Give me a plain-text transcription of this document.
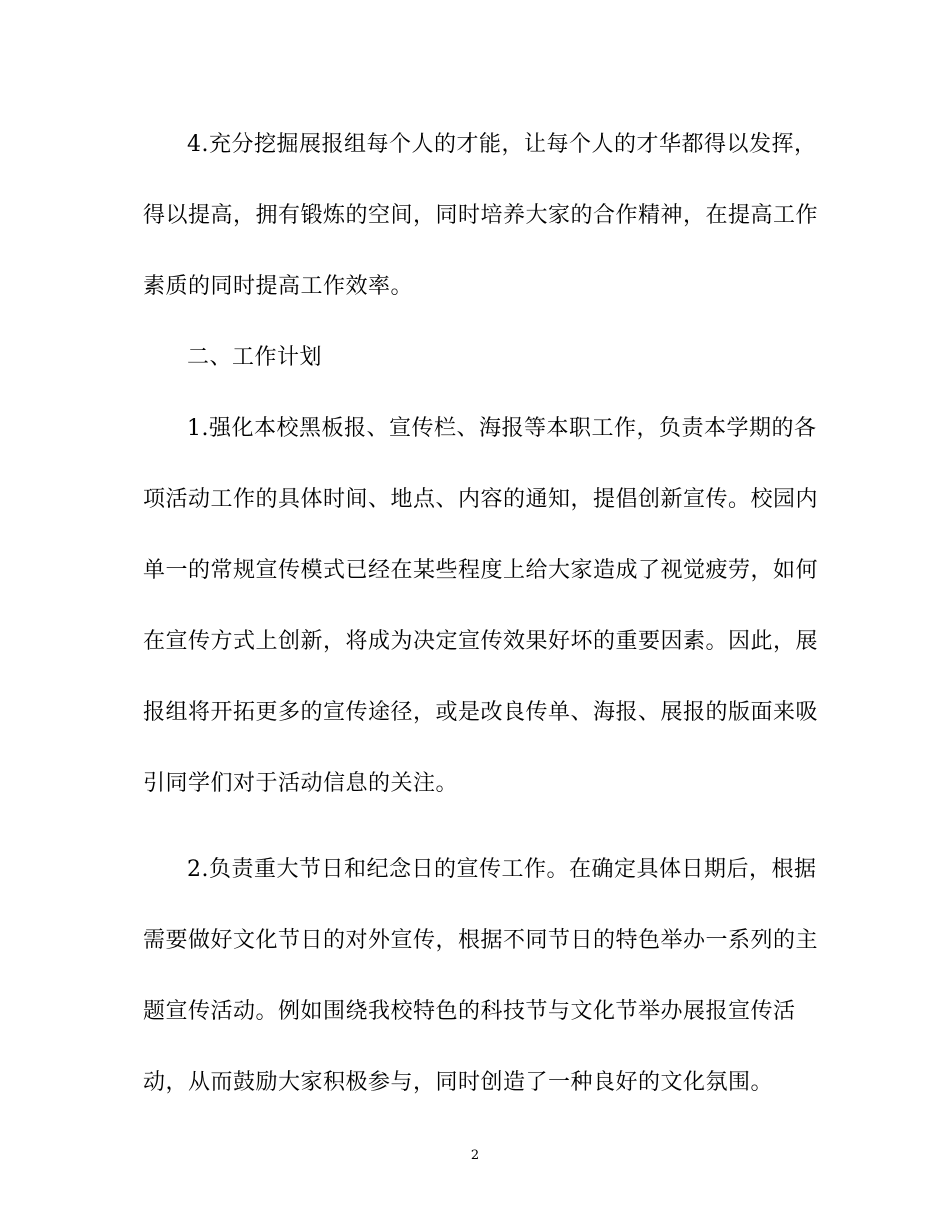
4.充分挖掘展报组每个人的才能，让每个人的才华都得以发挥，
得以提高，拥有锻炼的空间，同时培养大家的合作精神，在提高工作
素质的同时提高工作效率。
二、工作计划
1.强化本校黑板报、宣传栏、海报等本职工作，负责本学期的各
项活动工作的具体时间、地点、内容的通知，提倡创新宣传。校园内
单一的常规宣传模式已经在某些程度上给大家造成了视觉疲劳，如何
在宣传方式上创新，将成为决定宣传效果好坏的重要因素。因此，展
报组将开拓更多的宣传途径，或是改良传单、海报、展报的版面来吸
引同学们对于活动信息的关注。
2.负责重大节日和纪念日的宣传工作。在确定具体日期后，根据
需要做好文化节日的对外宣传，根据不同节日的特色举办一系列的主
题宣传活动。例如围绕我校特色的科技节与文化节举办展报宣传活
动，从而鼓励大家积极参与，同时创造了一种良好的文化氛围。
2
